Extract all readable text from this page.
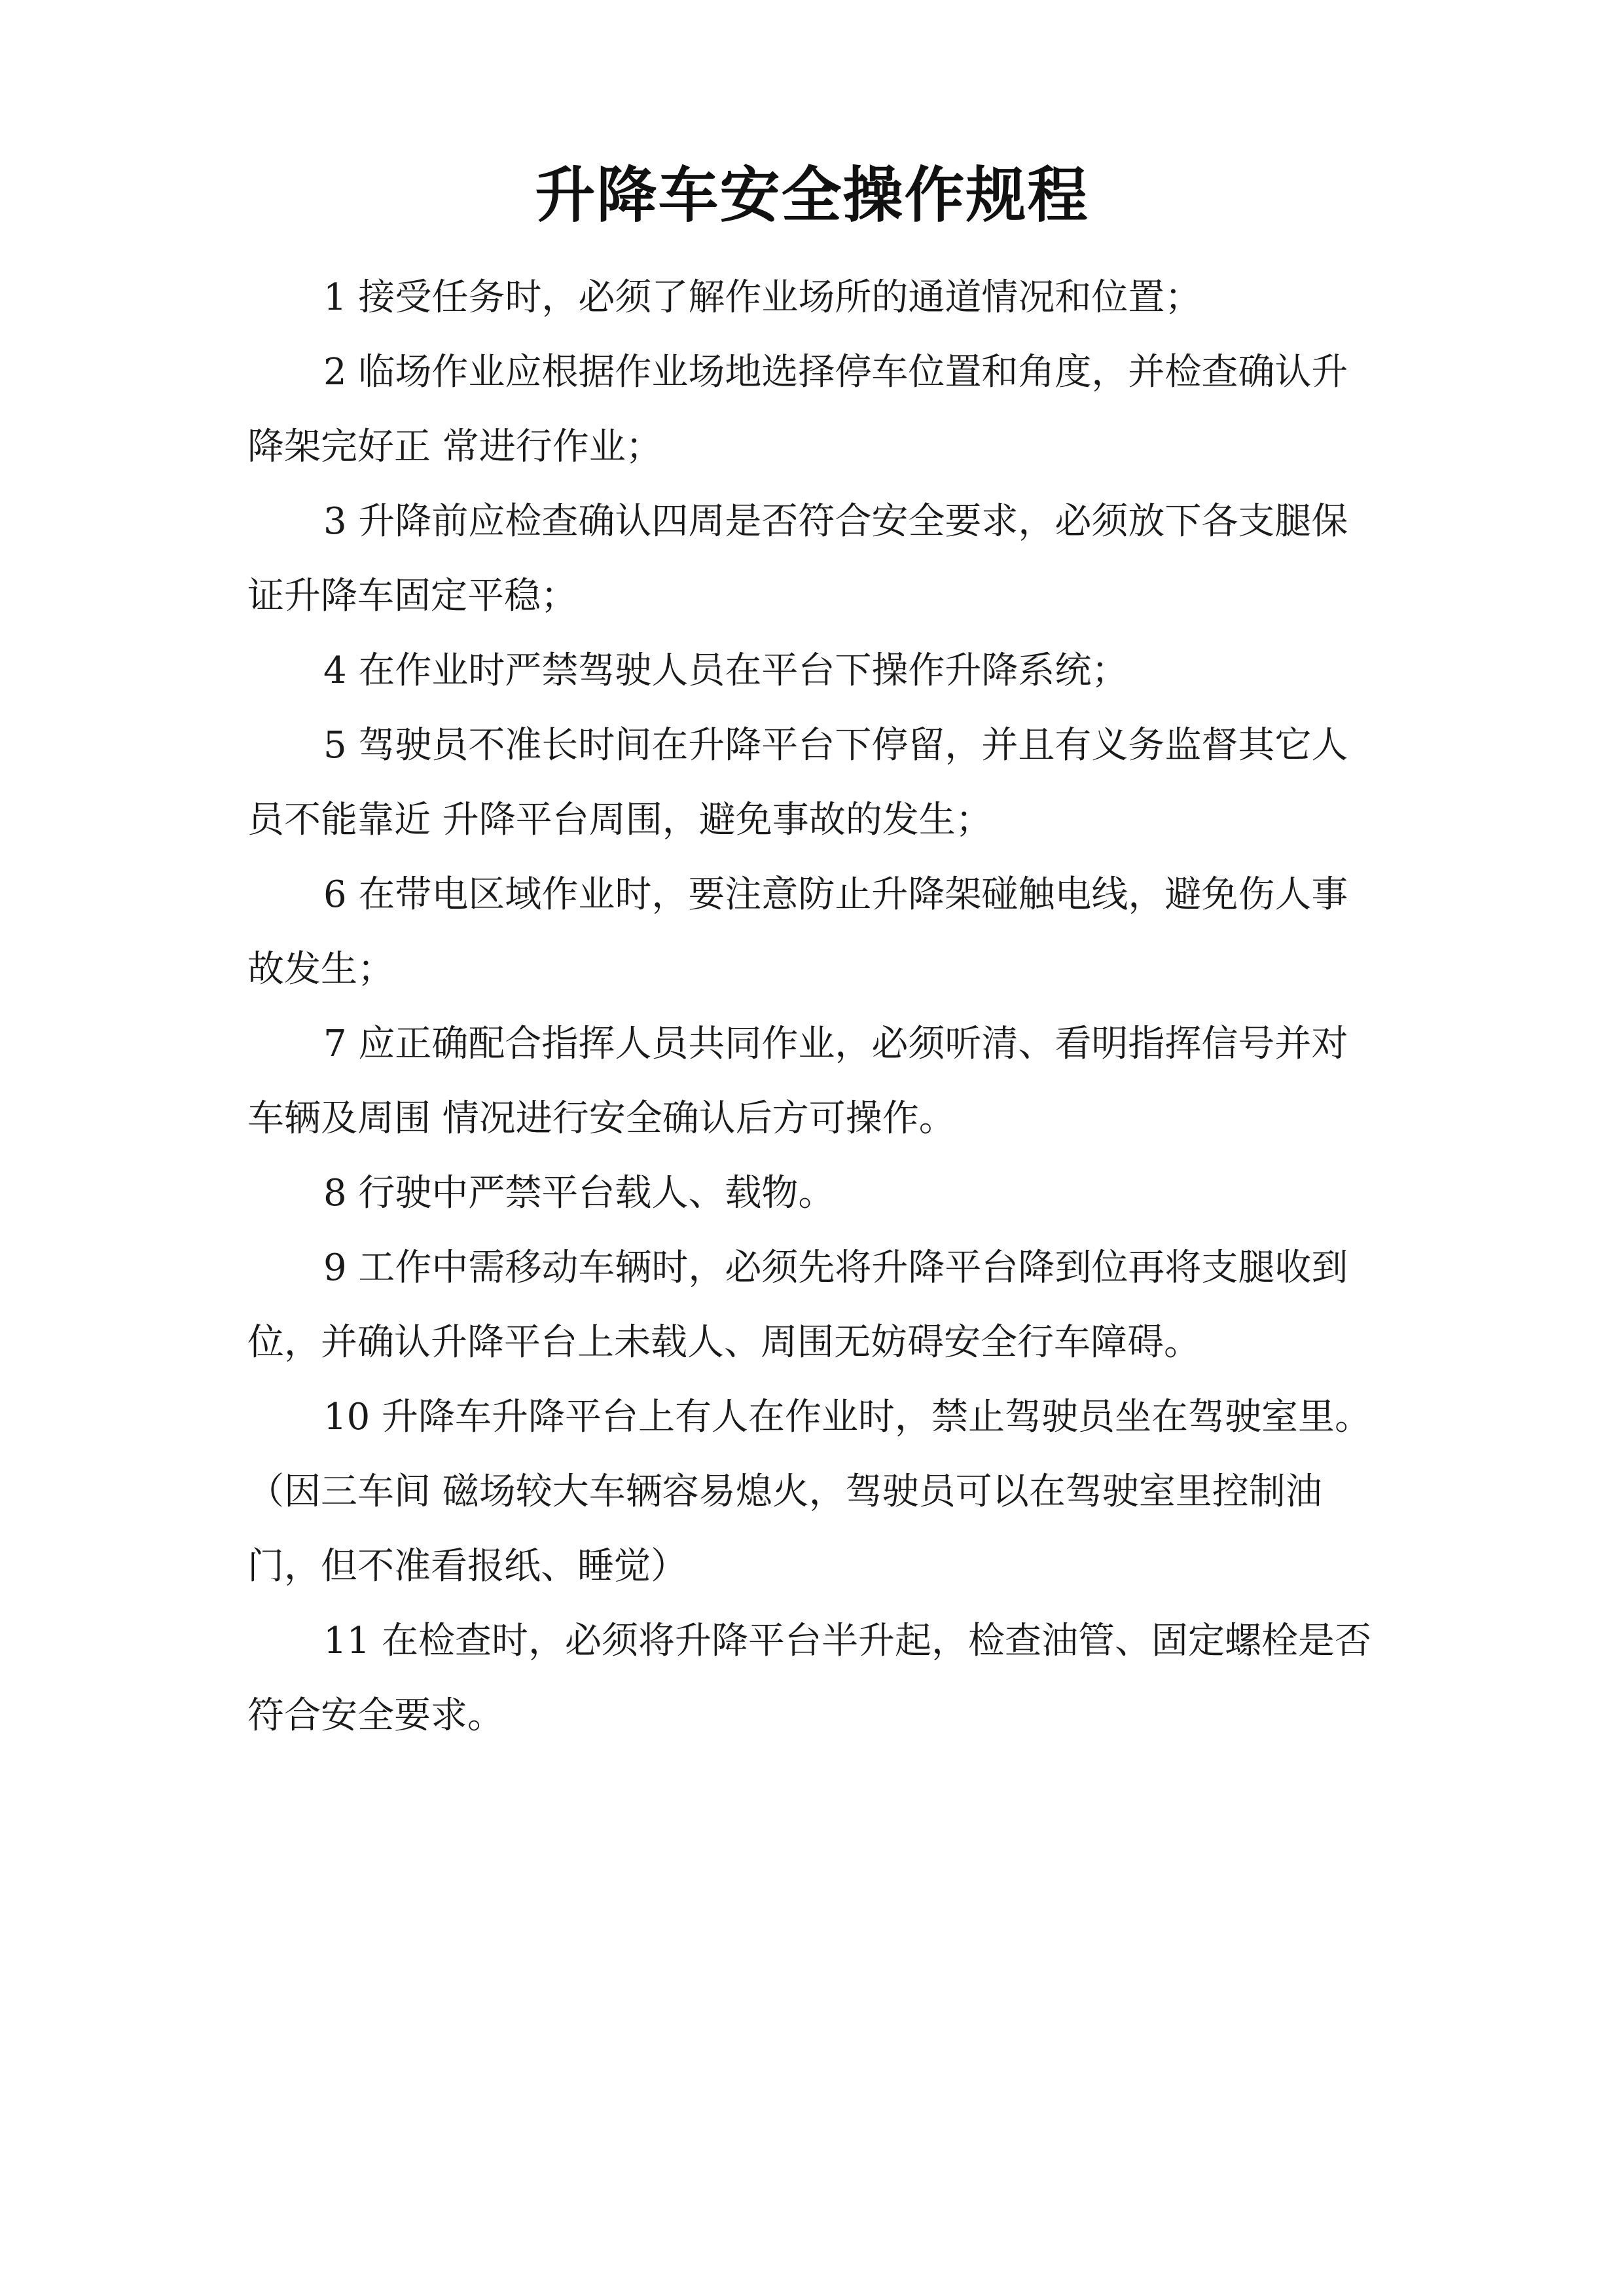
升降车安全操作规程

1 接受任务时，必须了解作业场所的通道情况和位置；

2 临场作业应根据作业场地选择停车位置和角度，并检查确认升降架完好正 常进行作业；

3 升降前应检查确认四周是否符合安全要求，必须放下各支腿保证升降车固定平稳；

4 在作业时严禁驾驶人员在平台下操作升降系统；

5 驾驶员不准长时间在升降平台下停留，并且有义务监督其它人员不能靠近 升降平台周围，避免事故的发生；

6 在带电区域作业时，要注意防止升降架碰触电线，避免伤人事故发生；

7 应正确配合指挥人员共同作业，必须听清、看明指挥信号并对车辆及周围 情况进行安全确认后方可操作。

8 行驶中严禁平台载人、载物。

9 工作中需移动车辆时，必须先将升降平台降到位再将支腿收到位，并确认升降平台上未载人、周围无妨碍安全行车障碍。

10 升降车升降平台上有人在作业时，禁止驾驶员坐在驾驶室里。（因三车间 磁场较大车辆容易熄火，驾驶员可以在驾驶室里控制油门，但不准看报纸、睡觉）

11 在检查时，必须将升降平台半升起，检查油管、固定螺栓是否符合安全要求。
